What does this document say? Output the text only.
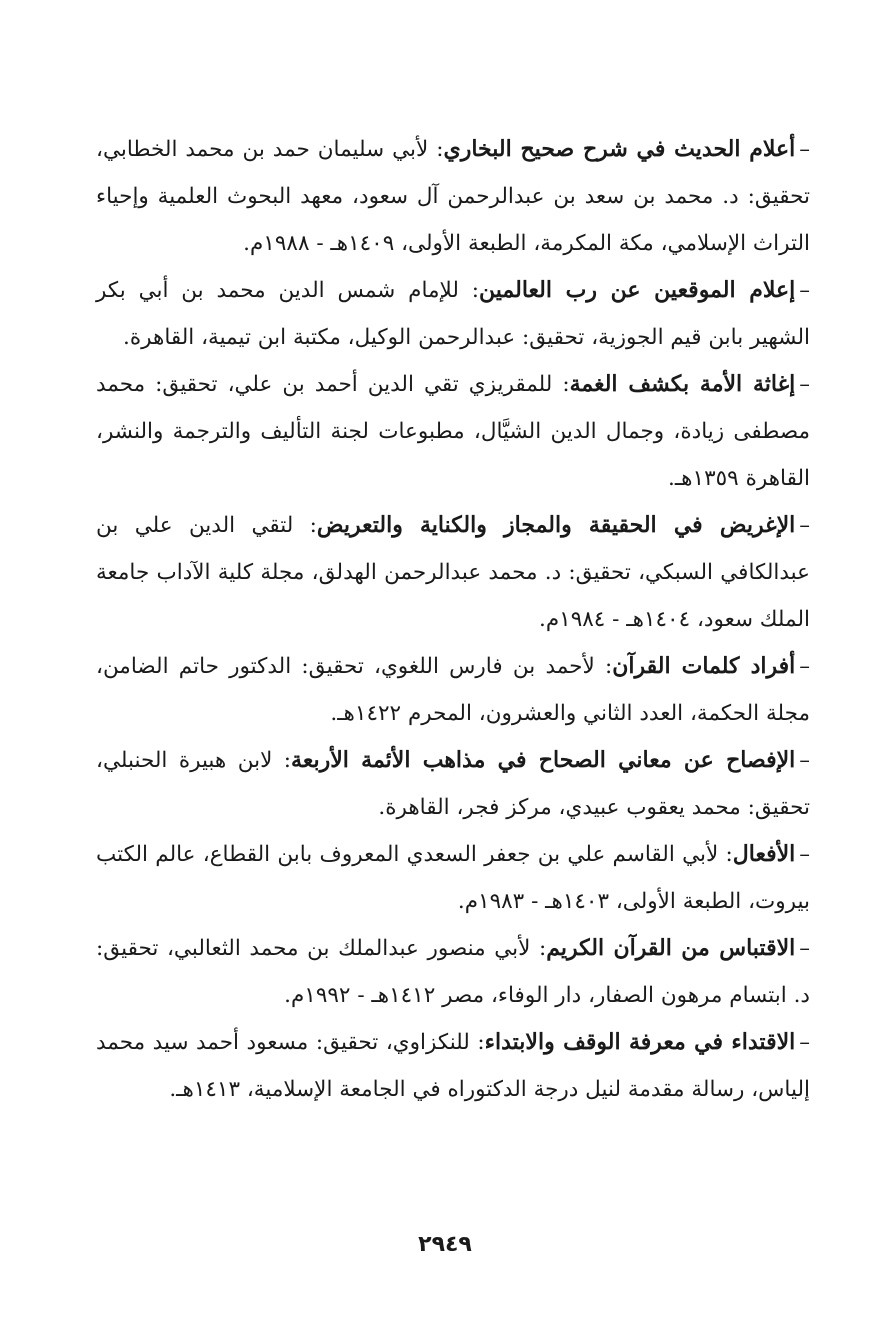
–أعلام الحديث في شرح صحيح البخاري: لأبي سليمان حمد بن محمد الخطابي، تحقيق: د. محمد بن سعد بن عبدالرحمن آل سعود، معهد البحوث العلمية وإحياء التراث الإسلامي، مكة المكرمة، الطبعة الأولى، ١٤٠٩هـ - ١٩٨٨م.

–إعلام الموقعين عن رب العالمين: للإمام شمس الدين محمد بن أبي بكر الشهير بابن قيم الجوزية، تحقيق: عبدالرحمن الوكيل، مكتبة ابن تيمية، القاهرة.

–إغاثة الأمة بكشف الغمة: للمقريزي تقي الدين أحمد بن علي، تحقيق: محمد مصطفى زيادة، وجمال الدين الشيَّال، مطبوعات لجنة التأليف والترجمة والنشر، القاهرة ١٣٥٩هـ.

–الإغريض في الحقيقة والمجاز والكناية والتعريض: لتقي الدين علي بن عبدالكافي السبكي، تحقيق: د. محمد عبدالرحمن الهدلق، مجلة كلية الآداب جامعة الملك سعود، ١٤٠٤هـ - ١٩٨٤م.

–أفراد كلمات القرآن: لأحمد بن فارس اللغوي، تحقيق: الدكتور حاتم الضامن، مجلة الحكمة، العدد الثاني والعشرون، المحرم ١٤٢٢هـ.

–الإفصاح عن معاني الصحاح في مذاهب الأئمة الأربعة: لابن هبيرة الحنبلي، تحقيق: محمد يعقوب عبيدي، مركز فجر، القاهرة.

–الأفعال: لأبي القاسم علي بن جعفر السعدي المعروف بابن القطاع، عالم الكتب بيروت، الطبعة الأولى، ١٤٠٣هـ - ١٩٨٣م.

–الاقتباس من القرآن الكريم: لأبي منصور عبدالملك بن محمد الثعالبي، تحقيق: د. ابتسام مرهون الصفار، دار الوفاء، مصر ١٤١٢هـ - ١٩٩٢م.

–الاقتداء في معرفة الوقف والابتداء: للنكزاوي، تحقيق: مسعود أحمد سيد محمد إلياس، رسالة مقدمة لنيل درجة الدكتوراه في الجامعة الإسلامية، ١٤١٣هـ.

٢٩٤٩
